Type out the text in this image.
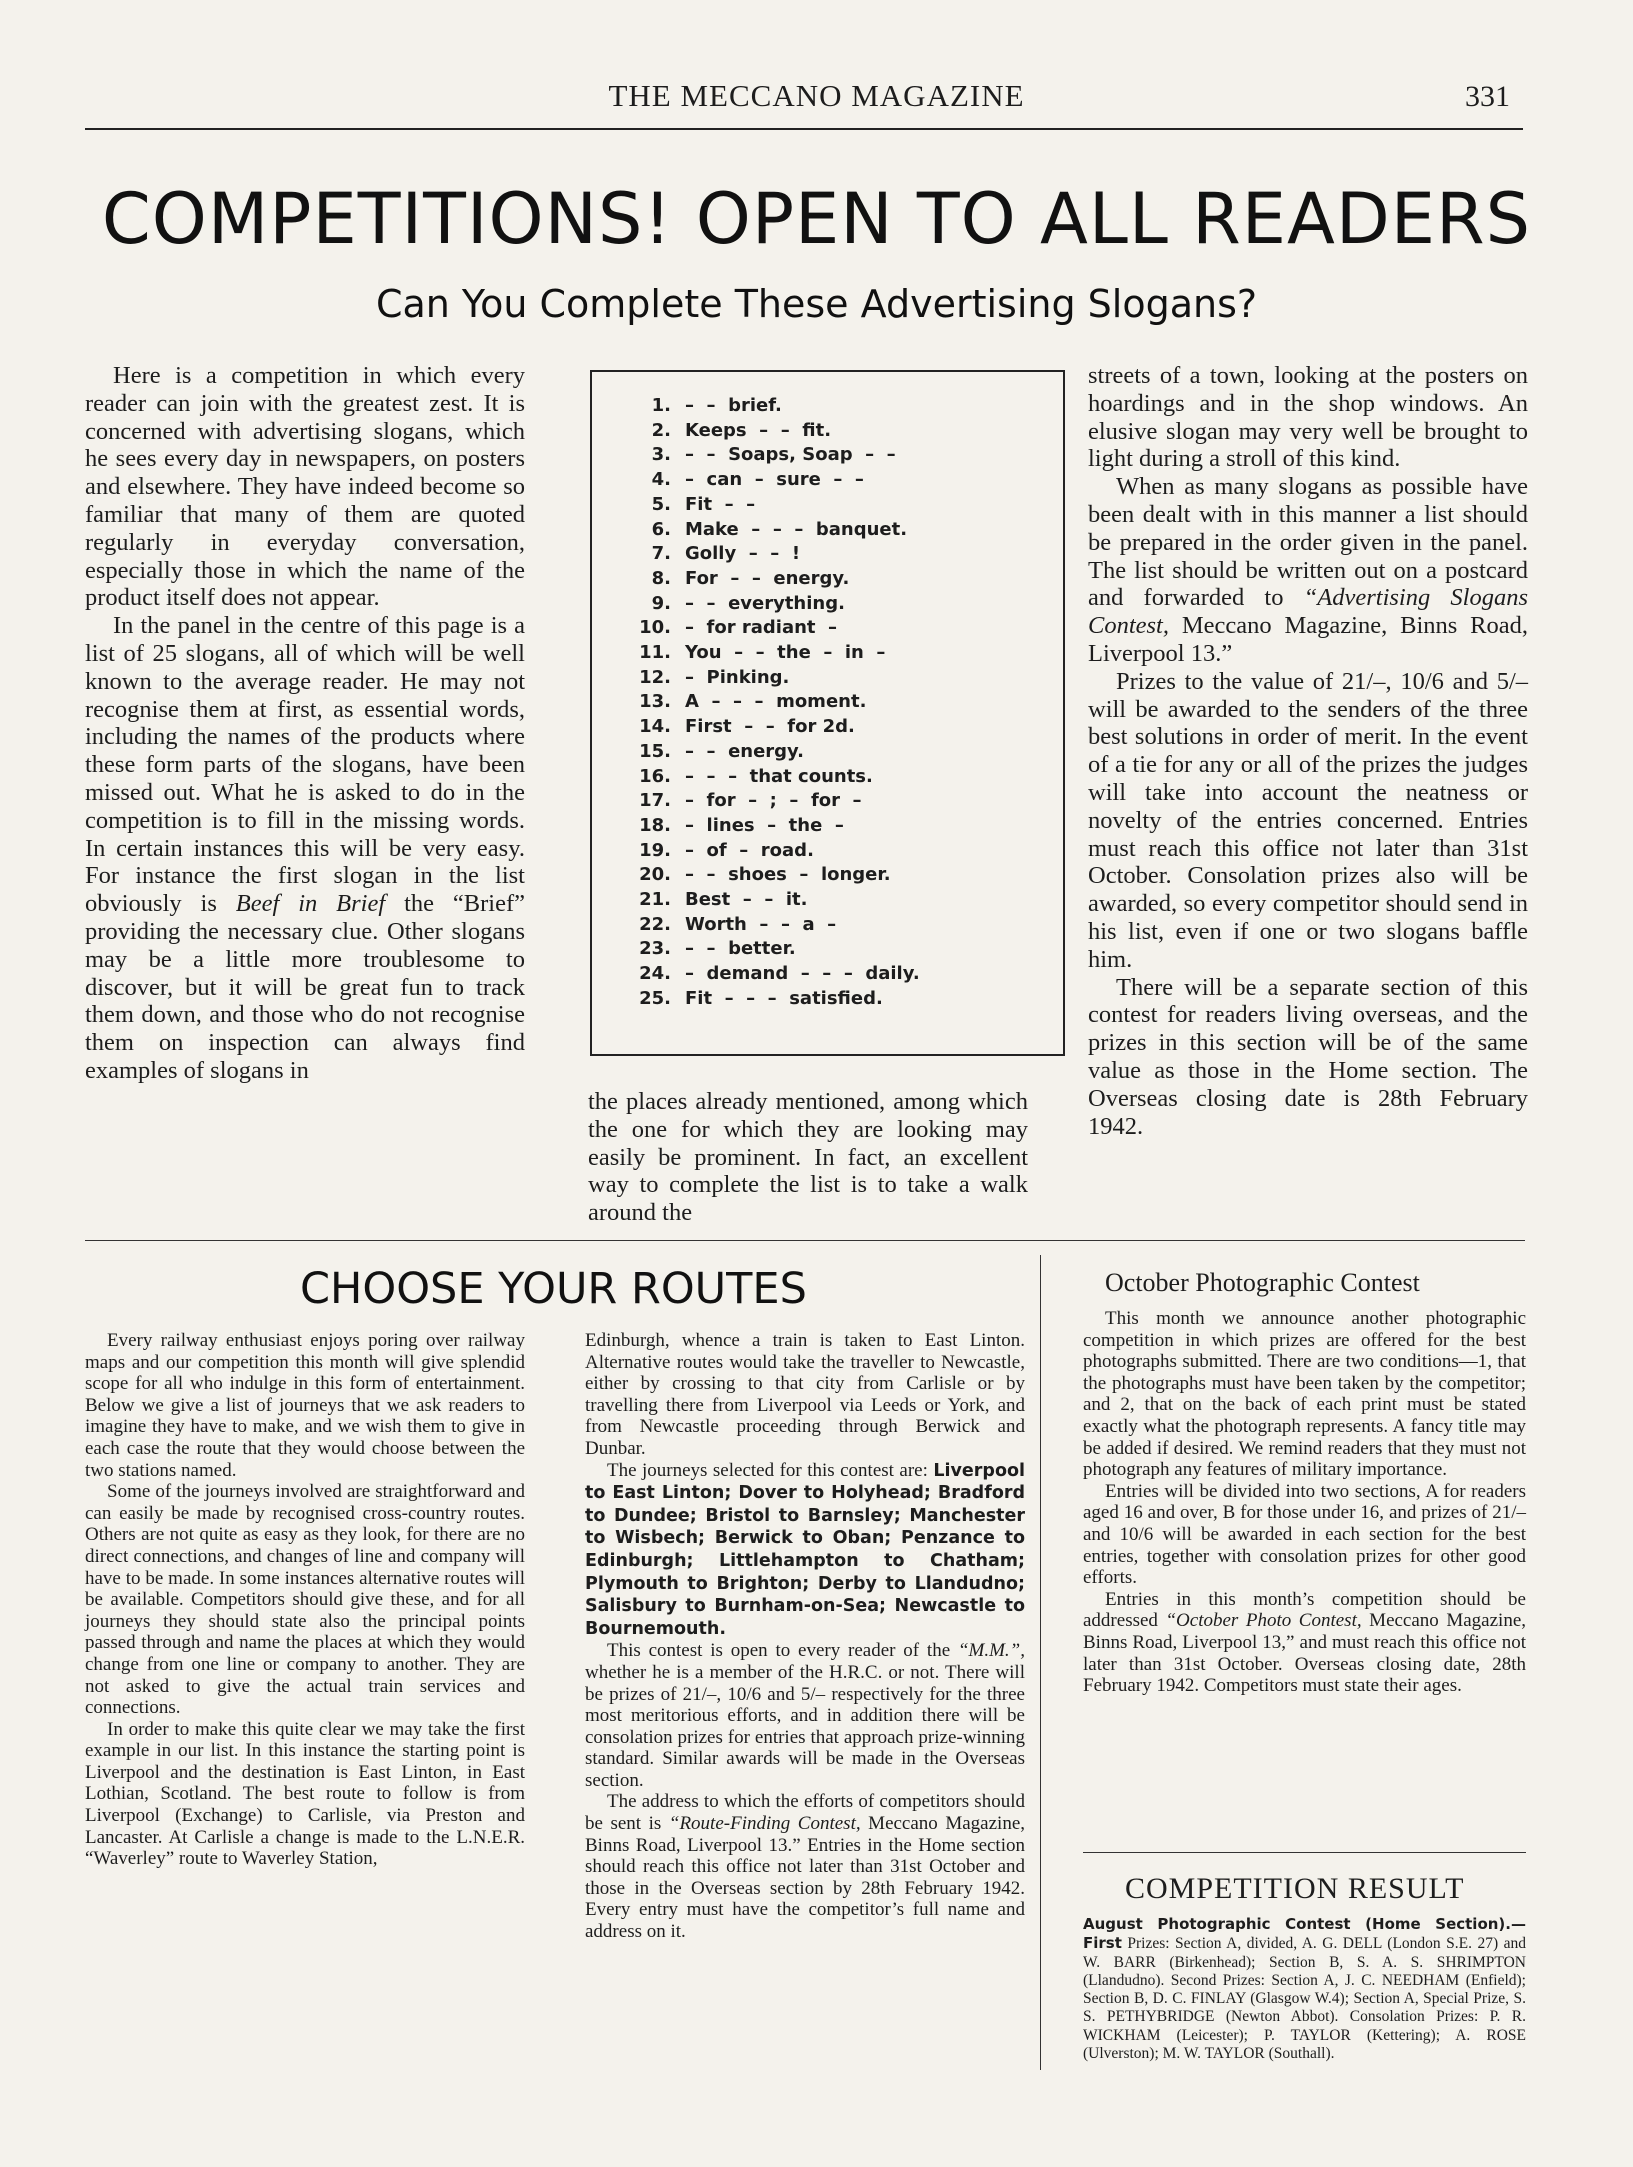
THE MECCANO MAGAZINE	331
COMPETITIONS! OPEN TO ALL READERS
Can You Complete These Advertising Slogans?

Here is a competition in which every reader can join with the greatest zest. It is concerned with advertising slogans, which he sees every day in newspapers, on posters and elsewhere. They have indeed become so familiar that many of them are quoted regularly in everyday conversation, especially those in which the name of the product itself does not appear.

In the panel in the centre of this page is a list of 25 slogans, all of which will be well known to the average reader. He may not recognise them at first, as essential words, including the names of the products where these form parts of the slogans, have been missed out. What he is asked to do in the competition is to fill in the missing words. In certain instances this will be very easy. For instance the first slogan in the list obviously is Beef in Brief the “Brief” providing the necessary clue. Other slogans may be a little more troublesome to discover, but it will be great fun to track them down, and those who do not recognise them on inspection can always find examples of slogans in

1. –  –  brief.
2. Keeps  –  –  fit.
3. –  –  Soaps, Soap  –  –
4. –  can  –  sure  –  –
5. Fit  –  –
6. Make  –  –  –  banquet.
7. Golly  –  –  !
8. For  –  –  energy.
9. –  –  everything.
10. –  for radiant  –
11. You  –  –  the  –  in  –
12. –  Pinking.
13. A  –  –  –  moment.
14. First  –  –  for 2d.
15. –  –  energy.
16. –  –  –  that counts.
17. –  for  –  ;  –  for  –
18. –  lines  –  the  –
19. –  of  –  road.
20. –  –  shoes  –  longer.
21. Best  –  –  it.
22. Worth  –  –  a  –
23. –  –  better.
24. –  demand  –  –  –  daily.
25. Fit  –  –  –  satisfied.

the places already mentioned, among which the one for which they are looking may easily be prominent. In fact, an excellent way to complete the list is to take a walk around the

streets of a town, looking at the posters on hoardings and in the shop windows. An elusive slogan may very well be brought to light during a stroll of this kind.

When as many slogans as possible have been dealt with in this manner a list should be prepared in the order given in the panel. The list should be written out on a postcard and forwarded to “Advertising Slogans Contest, Meccano Magazine, Binns Road, Liverpool 13.”

Prizes to the value of 21/–, 10/6 and 5/– will be awarded to the senders of the three best solutions in order of merit. In the event of a tie for any or all of the prizes the judges will take into account the neatness or novelty of the entries concerned. Entries must reach this office not later than 31st October. Consolation prizes also will be awarded, so every competitor should send in his list, even if one or two slogans baffle him.

There will be a separate section of this contest for readers living overseas, and the prizes in this section will be of the same value as those in the Home section. The Overseas closing date is 28th February 1942.

CHOOSE YOUR ROUTES

Every railway enthusiast enjoys poring over railway maps and our competition this month will give splendid scope for all who indulge in this form of entertainment. Below we give a list of journeys that we ask readers to imagine they have to make, and we wish them to give in each case the route that they would choose between the two stations named.

Some of the journeys involved are straightforward and can easily be made by recognised cross-country routes. Others are not quite as easy as they look, for there are no direct connections, and changes of line and company will have to be made. In some instances alternative routes will be available. Competitors should give these, and for all journeys they should state also the principal points passed through and name the places at which they would change from one line or company to another. They are not asked to give the actual train services and connections.

In order to make this quite clear we may take the first example in our list. In this instance the starting point is Liverpool and the destination is East Linton, in East Lothian, Scotland. The best route to follow is from Liverpool (Exchange) to Carlisle, via Preston and Lancaster. At Carlisle a change is made to the L.N.E.R. “Waverley” route to Waverley Station,

Edinburgh, whence a train is taken to East Linton. Alternative routes would take the traveller to Newcastle, either by crossing to that city from Carlisle or by travelling there from Liverpool via Leeds or York, and from Newcastle proceeding through Berwick and Dunbar.

The journeys selected for this contest are: Liverpool to East Linton; Dover to Holyhead; Bradford to Dundee; Bristol to Barnsley; Manchester to Wisbech; Berwick to Oban; Penzance to Edinburgh; Littlehampton to Chatham; Plymouth to Brighton; Derby to Llandudno; Salisbury to Burnham-on-Sea; Newcastle to Bournemouth.

This contest is open to every reader of the “M.M.”, whether he is a member of the H.R.C. or not. There will be prizes of 21/–, 10/6 and 5/– respectively for the three most meritorious efforts, and in addition there will be consolation prizes for entries that approach prize-winning standard. Similar awards will be made in the Overseas section.

The address to which the efforts of competitors should be sent is “Route-Finding Contest, Meccano Magazine, Binns Road, Liverpool 13.” Entries in the Home section should reach this office not later than 31st October and those in the Overseas section by 28th February 1942. Every entry must have the competitor’s full name and address on it.

October Photographic Contest

This month we announce another photographic competition in which prizes are offered for the best photographs submitted. There are two conditions—1, that the photographs must have been taken by the competitor; and 2, that on the back of each print must be stated exactly what the photograph represents. A fancy title may be added if desired. We remind readers that they must not photograph any features of military importance.

Entries will be divided into two sections, A for readers aged 16 and over, B for those under 16, and prizes of 21/– and 10/6 will be awarded in each section for the best entries, together with consolation prizes for other good efforts.

Entries in this month’s competition should be addressed “October Photo Contest, Meccano Magazine, Binns Road, Liverpool 13,” and must reach this office not later than 31st October. Overseas closing date, 28th February 1942. Competitors must state their ages.

COMPETITION RESULT
August Photographic Contest (Home Section).—First Prizes: Section A, divided, A. G. DELL (London S.E. 27) and W. BARR (Birkenhead); Section B, S. A. S. SHRIMPTON (Llandudno). Second Prizes: Section A, J. C. NEEDHAM (Enfield); Section B, D. C. FINLAY (Glasgow W.4); Section A, Special Prize, S. S. PETHYBRIDGE (Newton Abbot). Consolation Prizes: P. R. WICKHAM (Leicester); P. TAYLOR (Kettering); A. ROSE (Ulverston); M. W. TAYLOR (Southall).
